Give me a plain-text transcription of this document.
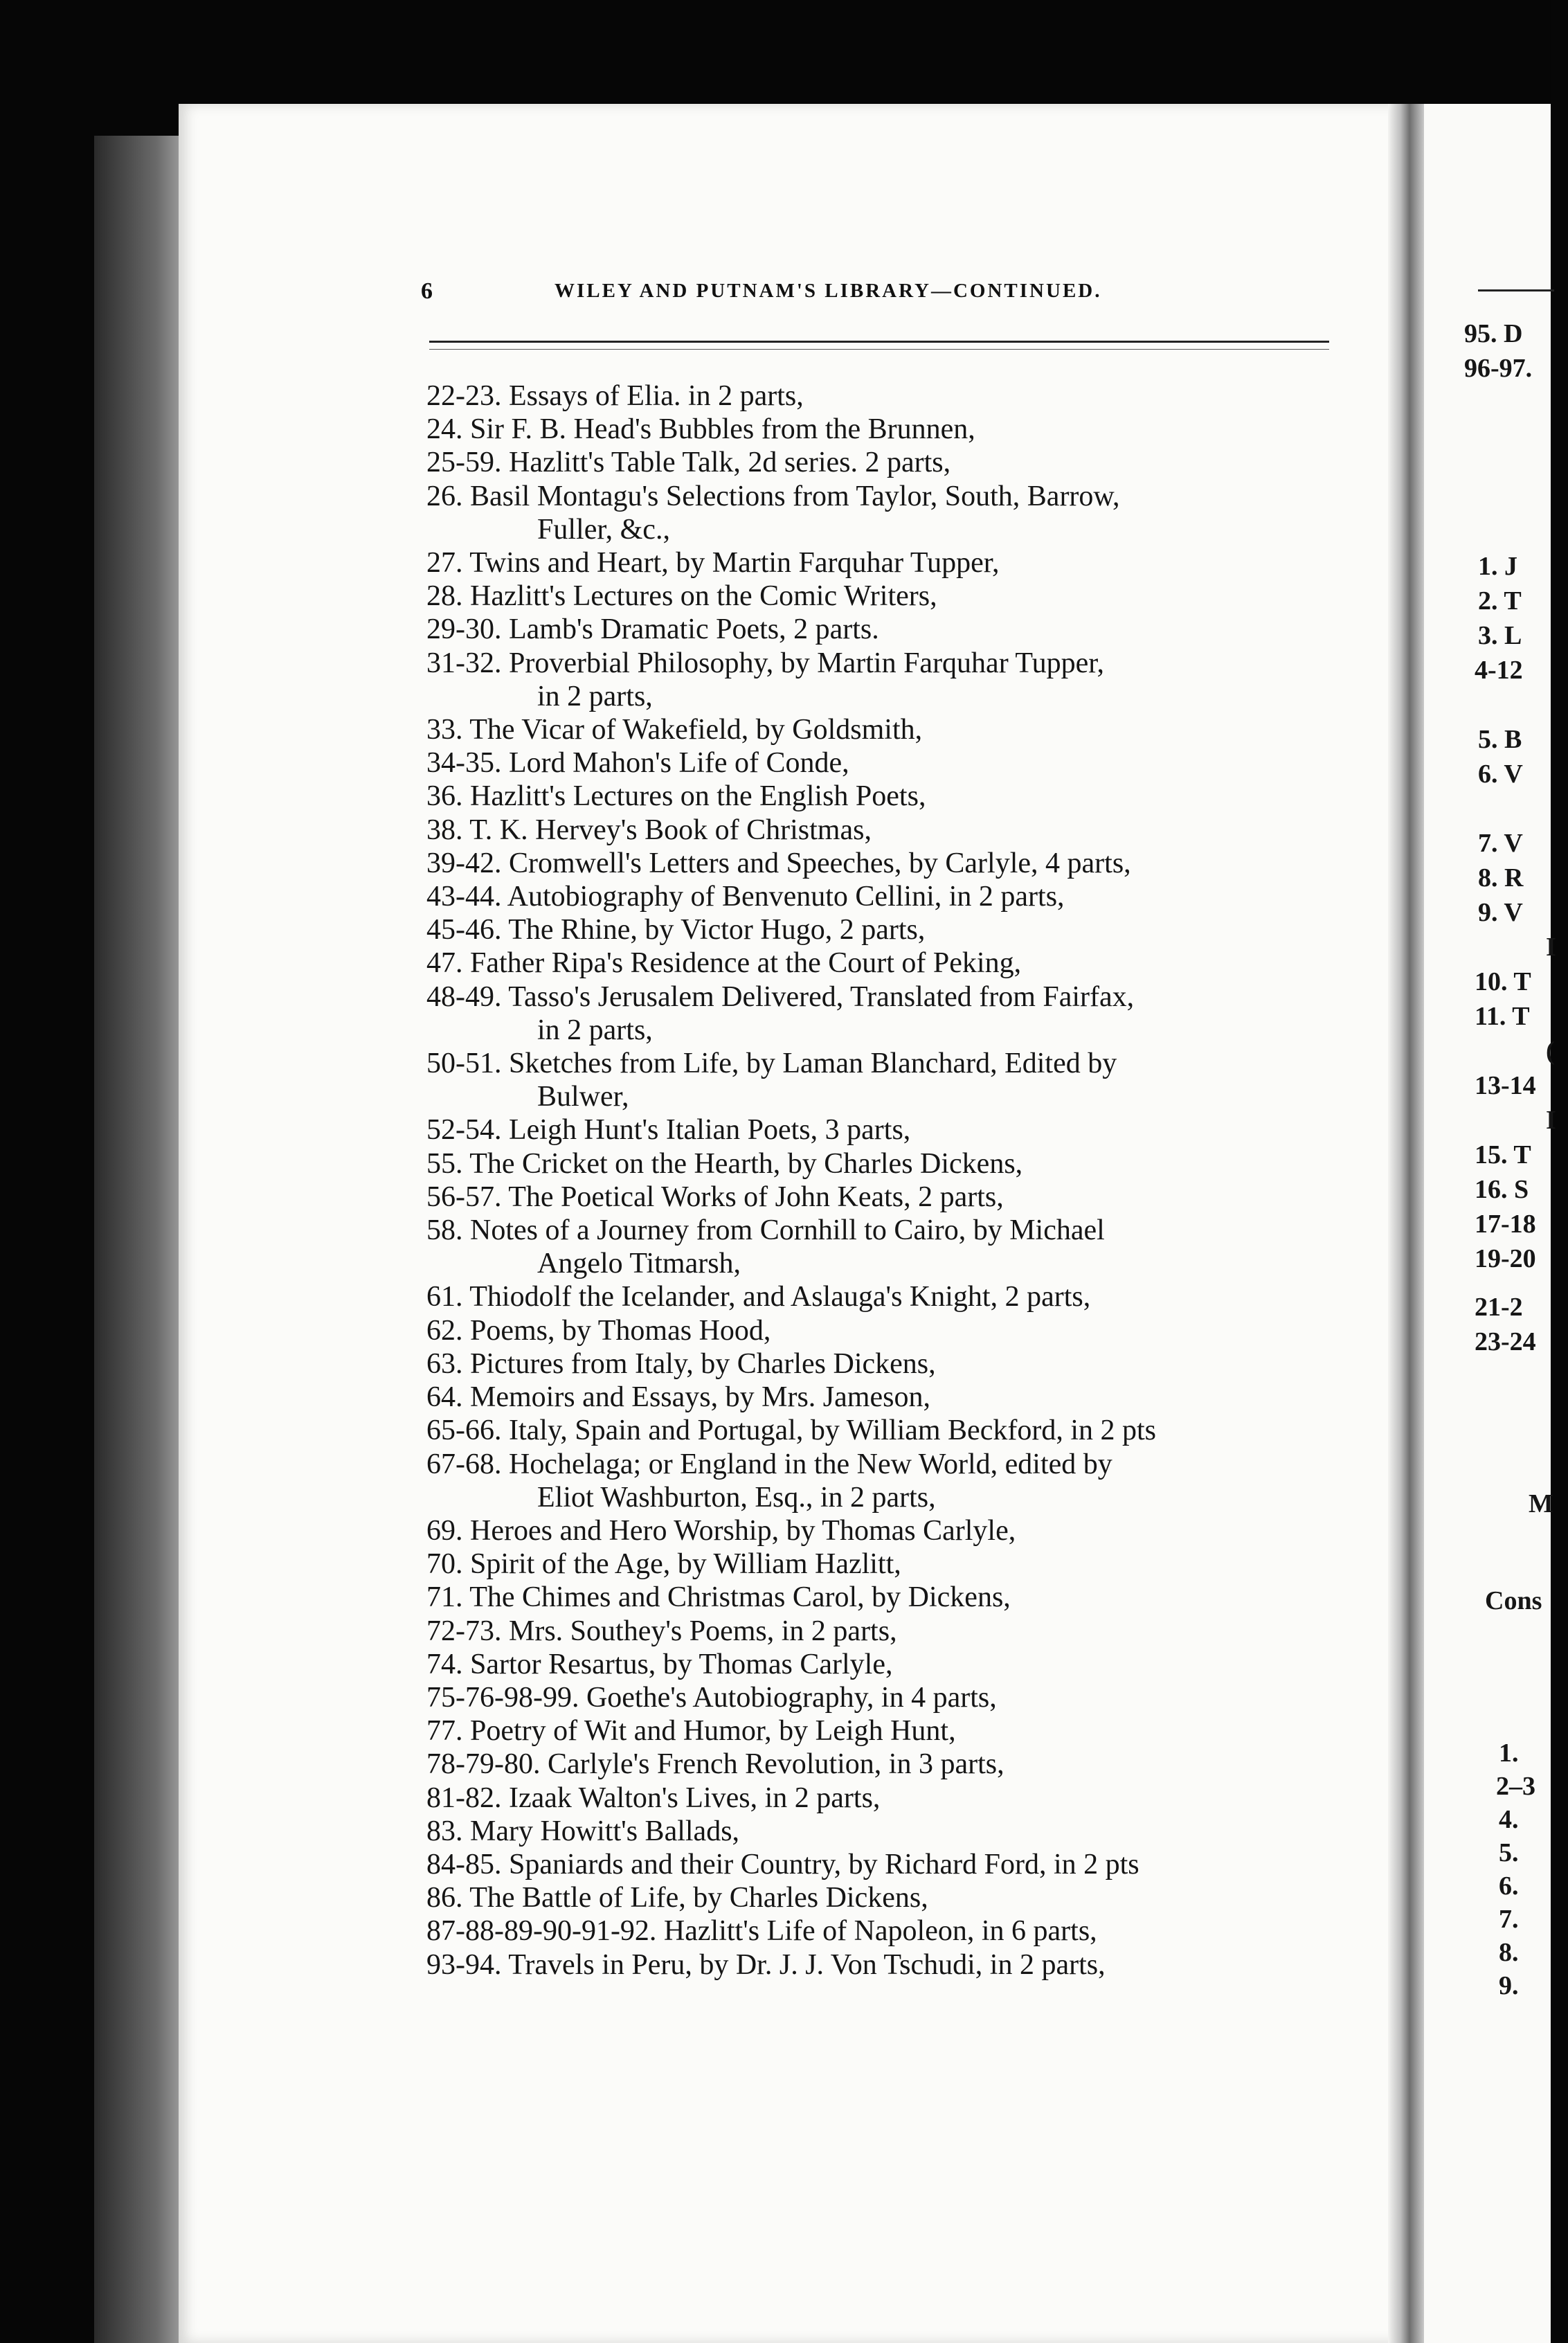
6	WILEY AND PUTNAM'S LIBRARY—CONTINUED.
22-23. Essays of Elia. in 2 parts,
24. Sir F. B. Head's Bubbles from the Brunnen,
25-59. Hazlitt's Table Talk, 2d series. 2 parts,
26. Basil Montagu's Selections from Taylor, South, Barrow,
Fuller, &c.,
27. Twins and Heart, by Martin Farquhar Tupper,
28. Hazlitt's Lectures on the Comic Writers,
29-30. Lamb's Dramatic Poets, 2 parts.
31-32. Proverbial Philosophy, by Martin Farquhar Tupper,
in 2 parts,
33. The Vicar of Wakefield, by Goldsmith,
34-35. Lord Mahon's Life of Conde,
36. Hazlitt's Lectures on the English Poets,
38. T. K. Hervey's Book of Christmas,
39-42. Cromwell's Letters and Speeches, by Carlyle, 4 parts,
43-44. Autobiography of Benvenuto Cellini, in 2 parts,
45-46. The Rhine, by Victor Hugo, 2 parts,
47. Father Ripa's Residence at the Court of Peking,
48-49. Tasso's Jerusalem Delivered, Translated from Fairfax,
in 2 parts,
50-51. Sketches from Life, by Laman Blanchard, Edited by
Bulwer,
52-54. Leigh Hunt's Italian Poets, 3 parts,
55. The Cricket on the Hearth, by Charles Dickens,
56-57. The Poetical Works of John Keats, 2 parts,
58. Notes of a Journey from Cornhill to Cairo, by Michael
Angelo Titmarsh,
61. Thiodolf the Icelander, and Aslauga's Knight, 2 parts,
62. Poems, by Thomas Hood,
63. Pictures from Italy, by Charles Dickens,
64. Memoirs and Essays, by Mrs. Jameson,
65-66. Italy, Spain and Portugal, by William Beckford, in 2 pts
67-68. Hochelaga; or England in the New World, edited by
Eliot Washburton, Esq., in 2 parts,
69. Heroes and Hero Worship, by Thomas Carlyle,
70. Spirit of the Age, by William Hazlitt,
71. The Chimes and Christmas Carol, by Dickens,
72-73. Mrs. Southey's Poems, in 2 parts,
74. Sartor Resartus, by Thomas Carlyle,
75-76-98-99. Goethe's Autobiography, in 4 parts,
77. Poetry of Wit and Humor, by Leigh Hunt,
78-79-80. Carlyle's French Revolution, in 3 parts,
81-82. Izaak Walton's Lives, in 2 parts,
83. Mary Howitt's Ballads,
84-85. Spaniards and their Country, by Richard Ford, in 2 pts
86. The Battle of Life, by Charles Dickens,
87-88-89-90-91-92. Hazlitt's Life of Napoleon, in 6 parts,
93-94. Travels in Peru, by Dr. J. J. Von Tschudi, in 2 parts,
95. D
96-97.
1. J
2. T
3. L
4-12
5. B
6. V
7. V
8. R
9. V
I
10. T
11. T
(
13-14
I
15. T
16. S
17-18
19-20
21-2
23-24
M
Cons
1.
2–3
4.
5.
6.
7.
8.
9.
